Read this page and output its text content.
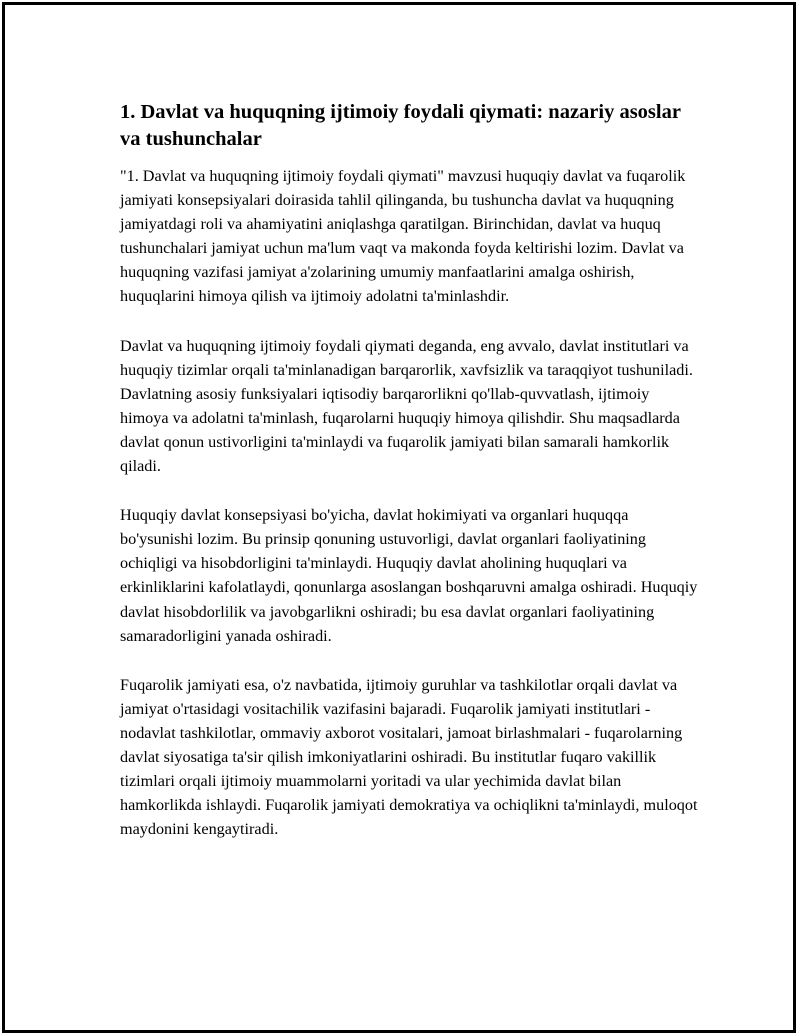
1. Davlat va huquqning ijtimoiy foydali qiymati: nazariy asoslar va tushunchalar

"1. Davlat va huquqning ijtimoiy foydali qiymati" mavzusi huquqiy davlat va fuqarolik jamiyati konsepsiyalari doirasida tahlil qilinganda, bu tushuncha davlat va huquqning jamiyatdagi roli va ahamiyatini aniqlashga qaratilgan. Birinchidan, davlat va huquq tushunchalari jamiyat uchun ma'lum vaqt va makonda foyda keltirishi lozim. Davlat va huquqning vazifasi jamiyat a'zolarining umumiy manfaatlarini amalga oshirish, huquqlarini himoya qilish va ijtimoiy adolatni ta'minlashdir.

Davlat va huquqning ijtimoiy foydali qiymati deganda, eng avvalo, davlat institutlari va huquqiy tizimlar orqali ta'minlanadigan barqarorlik, xavfsizlik va taraqqiyot tushuniladi. Davlatning asosiy funksiyalari iqtisodiy barqarorlikni qo'llab-quvvatlash, ijtimoiy himoya va adolatni ta'minlash, fuqarolarni huquqiy himoya qilishdir. Shu maqsadlarda davlat qonun ustivorligini ta'minlaydi va fuqarolik jamiyati bilan samarali hamkorlik qiladi.

Huquqiy davlat konsepsiyasi bo'yicha, davlat hokimiyati va organlari huquqqa bo'ysunishi lozim. Bu prinsip qonuning ustuvorligi, davlat organlari faoliyatining ochiqligi va hisobdorligini ta'minlaydi. Huquqiy davlat aholining huquqlari va erkinliklarini kafolatlaydi, qonunlarga asoslangan boshqaruvni amalga oshiradi. Huquqiy davlat hisobdorlilik va javobgarlikni oshiradi; bu esa davlat organlari faoliyatining samaradorligini yanada oshiradi.

Fuqarolik jamiyati esa, o'z navbatida, ijtimoiy guruhlar va tashkilotlar orqali davlat va jamiyat o'rtasidagi vositachilik vazifasini bajaradi. Fuqarolik jamiyati institutlari - nodavlat tashkilotlar, ommaviy axborot vositalari, jamoat birlashmalari - fuqarolarning davlat siyosatiga ta'sir qilish imkoniyatlarini oshiradi. Bu institutlar fuqaro vakillik tizimlari orqali ijtimoiy muammolarni yoritadi va ular yechimida davlat bilan hamkorlikda ishlaydi. Fuqarolik jamiyati demokratiya va ochiqlikni ta'minlaydi, muloqot maydonini kengaytiradi.
